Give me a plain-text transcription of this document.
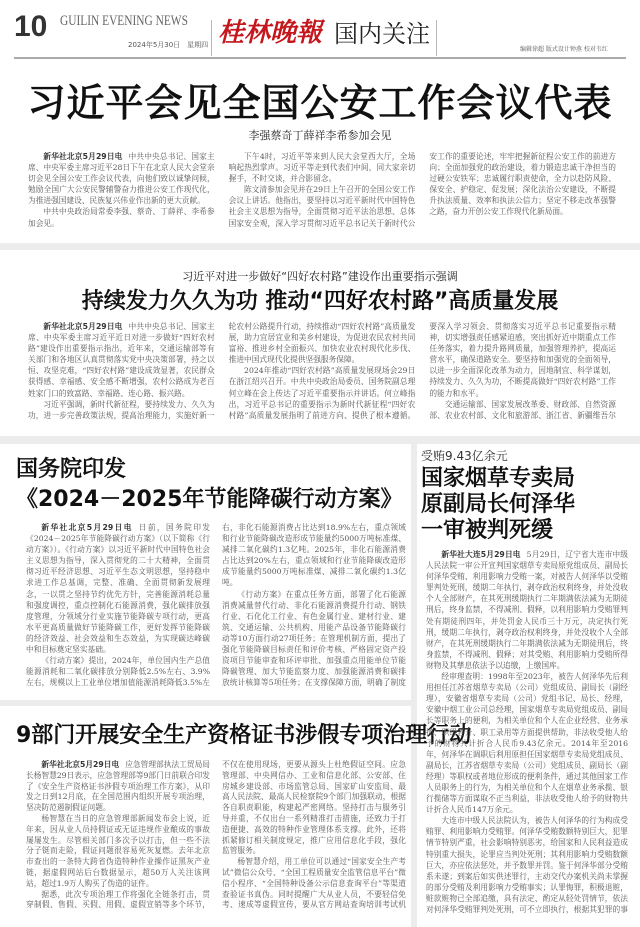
10 GUILIN EVENING NEWS
2024年5月30日　星期四 桂林晚報 国内关注
编辑徐超 版式设计钟燕 校对韦红
习近平会见全国公安工作会议代表
李强蔡奇丁薛祥李希参加会见

新华社北京5月29日电 中共中央总书记、国家主席、中央军委主席习近平28日下午在北京人民大会堂亲切会见全国公安工作会议代表，向他们致以诚挚问候，勉励全国广大公安民警辅警奋力推进公安工作现代化，为推进强国建设、民族复兴伟业作出新的更大贡献。

中共中央政治局常委李强、蔡奇、丁薛祥、李希参加会见。

下午4时，习近平等来到人民大会堂西大厅，全场响起热烈掌声。习近平等走到代表们中间，同大家亲切握手，不时交谈，并合影留念。

陈文清参加会见并在29日上午召开的全国公安工作会议上讲话。他指出，要坚持以习近平新时代中国特色社会主义思想为指导，全面贯彻习近平法治思想、总体国家安全观，深入学习贯彻习近平总书记关于新时代公安工作的重要论述，牢牢把握新征程公安工作的前进方向；全面加强党的政治建设，着力锻造忠诚干净担当的过硬公安铁军；忠诚履行职责使命，全力以赴防风险、保安全、护稳定、促发展；深化法治公安建设，不断提升执法质量、效率和执法公信力；坚定不移走改革强警之路，奋力开创公安工作现代化新局面。

习近平对进一步做好“四好农村路”建设作出重要指示强调
持续发力久久为功 推动“四好农村路”高质量发展

新华社北京5月29日电 中共中央总书记、国家主席、中央军委主席习近平近日对进一步做好“四好农村路”建设作出重要指示指出，近年来，交通运输部等有关部门和各地区认真贯彻落实党中央决策部署，持之以恒、攻坚克难，“四好农村路”建设成效显著，农民群众获得感、幸福感、安全感不断增强，农村公路成为老百姓家门口的致富路、幸福路、连心路、振兴路。

习近平强调，新时代新征程，要持续发力、久久为功，进一步完善政策法规，提高治理能力，实施好新一轮农村公路提升行动，持续推动“四好农村路”高质量发展，助力宜居宜业和美乡村建设，为促进农民农村共同富裕、推进乡村全面振兴、加快农业农村现代化步伐、推进中国式现代化提供坚强服务保障。

2024年推动“四好农村路”高质量发展现场会29日在浙江绍兴召开。中共中央政治局委员、国务院副总理何立峰在会上传达了习近平重要指示并讲话。何立峰指出，习近平总书记的重要指示为新时代新征程“四好农村路”高质量发展指明了前进方向、提供了根本遵循。要深入学习领会、贯彻落实习近平总书记重要指示精神，切实增强责任感紧迫感，突出抓好近中期重点工作任务落实，着力提升路网质量，加强管理养护，提高运营水平，确保道路安全。要坚持和加强党的全面领导，以进一步全面深化改革为动力，因地制宜、科学谋划，持续发力、久久为功，不断提高做好“四好农村路”工作的能力和水平。

交通运输部、国家发展改革委、财政部、自然资源部、农业农村部、文化和旅游部、浙江省、新疆维吾尔

国务院印发
《2024－2025年节能降碳行动方案》

新华社北京5月29日电 日前，国务院印发《2024－2025年节能降碳行动方案》（以下简称《行动方案》）。《行动方案》以习近平新时代中国特色社会主义思想为指导，深入贯彻党的二十大精神，全面贯彻习近平经济思想、习近平生态文明思想，坚持稳中求进工作总基调，完整、准确、全面贯彻新发展理念，一以贯之坚持节约优先方针，完善能源消耗总量和强度调控，重点控制化石能源消费，强化碳排放强度管理，分领域分行业实施节能降碳专项行动，更高水平更高质量做好节能降碳工作，更好发挥节能降碳的经济效益、社会效益和生态效益，为实现碳达峰碳中和目标奠定坚实基础。

《行动方案》提出，2024年，单位国内生产总值能源消耗和二氧化碳排放分别降低2.5%左右、3.9%左右，规模以上工业单位增加值能源消耗降低3.5%左右，非化石能源消费占比达到18.9%左右，重点领域和行业节能降碳改造形成节能量约5000万吨标准煤、减排二氧化碳约1.3亿吨。2025年，非化石能源消费占比达到20%左右，重点领域和行业节能降碳改造形成节能量约5000万吨标准煤、减排二氧化碳约1.3亿吨。

《行动方案》在重点任务方面，部署了化石能源消费减量替代行动、非化石能源消费提升行动、钢铁行业、石化化工行业、有色金属行业、建材行业、建筑、交通运输、公共机构、用能产品设备节能降碳行动等10方面行动27项任务；在管理机制方面，提出了强化节能降碳目标责任和评价考核、严格固定资产投资项目节能审查和环评审批、加强重点用能单位节能降碳管理、加大节能监察力度、加强能源消费和碳排放统计核算等5项任务；在支撑保障方面，明确了制度

9部门开展安全生产资格证书涉假专项治理行动

新华社北京5月29日电 应急管理部执法工贸局局长杨智慧29日表示，应急管理部等9部门日前联合印发了《安全生产资格证书涉假专项治理工作方案》，从印发之日到12月底，在全国范围内组织开展专项治理，坚决防范遏制假证问题。

杨智慧在当日的应急管理部新闻发布会上说，近年来，因从业人员持假证或无证违规作业酿成的事故屡屡发生。尽管相关部门多次予以打击，但一些不法分子铤而走险，假证问题很容易死灰复燃。去年北京市查出的一条特大跨省伪造特种作业操作证黑灰产业链，据虚假网站后台数据显示，超50万人关注该网站，超过1.9万人购买了伪造的证件。

据悉，此次专项治理工作将强化全链条打击，贯穿制假、售假、买假、用假、虚假宣销等多个环节，不仅在使用现场，更要从源头上杜绝假证空间。应急管理部、中央网信办、工业和信息化部、公安部、住房城乡建设部、市场监管总局、国家矿山安监局、最高人民法院、最高人民检察院9个部门加强联动，根据各自职责职能，构建起严密网络。坚持打击与服务引导并重，不仅出台一系列精准打击措施，还致力于打造便捷、高效的特种作业管理体系支撑。此外，还将抓紧修订相关制度规定，推广应用信息化手段，强化监管服务。

杨智慧介绍，用工单位可以通过“国家安全生产考试”微信公众号、“全国工程质量安全监管信息平台”微信小程序、“全国特种设备公示信息查询平台”等渠道查验证书真伪。同时提醒广大从业人员，不要轻信免考、速成等虚假宣传，要从官方网站查询培训考试机

受贿9.43亿余元
国家烟草专卖局
原副局长何泽华
一审被判死缓

新华社大连5月29日电 5月29日，辽宁省大连市中级人民法院一审公开宣判国家烟草专卖局原党组成员、副局长何泽华受贿、利用影响力受贿一案，对被告人何泽华以受贿罪判处死刑，缓期二年执行，剥夺政治权利终身，并处没收个人全部财产，在其死刑缓期执行二年期满依法减为无期徒刑后，终身监禁，不得减刑、假释，以利用影响力受贿罪判处有期徒刑四年，并处罚金人民币三十万元，决定执行死刑，缓期二年执行，剥夺政治权利终身，并处没收个人全部财产，在其死刑缓期执行二年期满依法减为无期徒刑后，终身监禁，不得减刑、假释；对其受贿、利用影响力受贿所得财物及其孳息依法予以追缴，上缴国库。

经审理查明：1998年至2023年，被告人何泽华先后利用担任江苏省烟草专卖局（公司）党组成员、副局长（副经理），安徽省烟草专卖局（公司）党组书记、局长、经理，安徽中烟工业公司总经理，国家烟草专卖局党组成员、副局长等职务上的便利，为相关单位和个人在企业经营、业务承揽、职级晋升、职工录用等方面提供帮助，非法收受他人给予的财物共计折合人民币9.43亿余元。2014年至2016年，何泽华在调职后利用原担任国家烟草专卖局党组成员、副局长，江苏省烟草专卖局（公司）党组成员、副局长（副经理）等职权或者地位形成的便利条件，通过其他国家工作人员职务上的行为，为相关单位和个人在烟草业务承揽、银行揽储等方面谋取不正当利益，非法收受他人给予的财物共计折合人民币147万余元。

大连市中级人民法院认为，被告人何泽华的行为构成受贿罪、利用影响力受贿罪。何泽华受贿数额特别巨大，犯罪情节特别严重，社会影响特别恶劣，给国家和人民利益造成特别重大损失，论罪应当判处死刑；其利用影响力受贿数额巨大，亦应依法惩处，并予数罪并罚。鉴于何泽华部分受贿系未遂；到案后如实供述罪行，主动交代办案机关尚未掌握的部分受贿及利用影响力受贿事实；认罪悔罪，积极退赃，赃款赃物已全部追缴，具有法定、酌定从轻处罚情节，依法对何泽华受贿罪判处死刑，可不立即执行，根据其犯罪的事
